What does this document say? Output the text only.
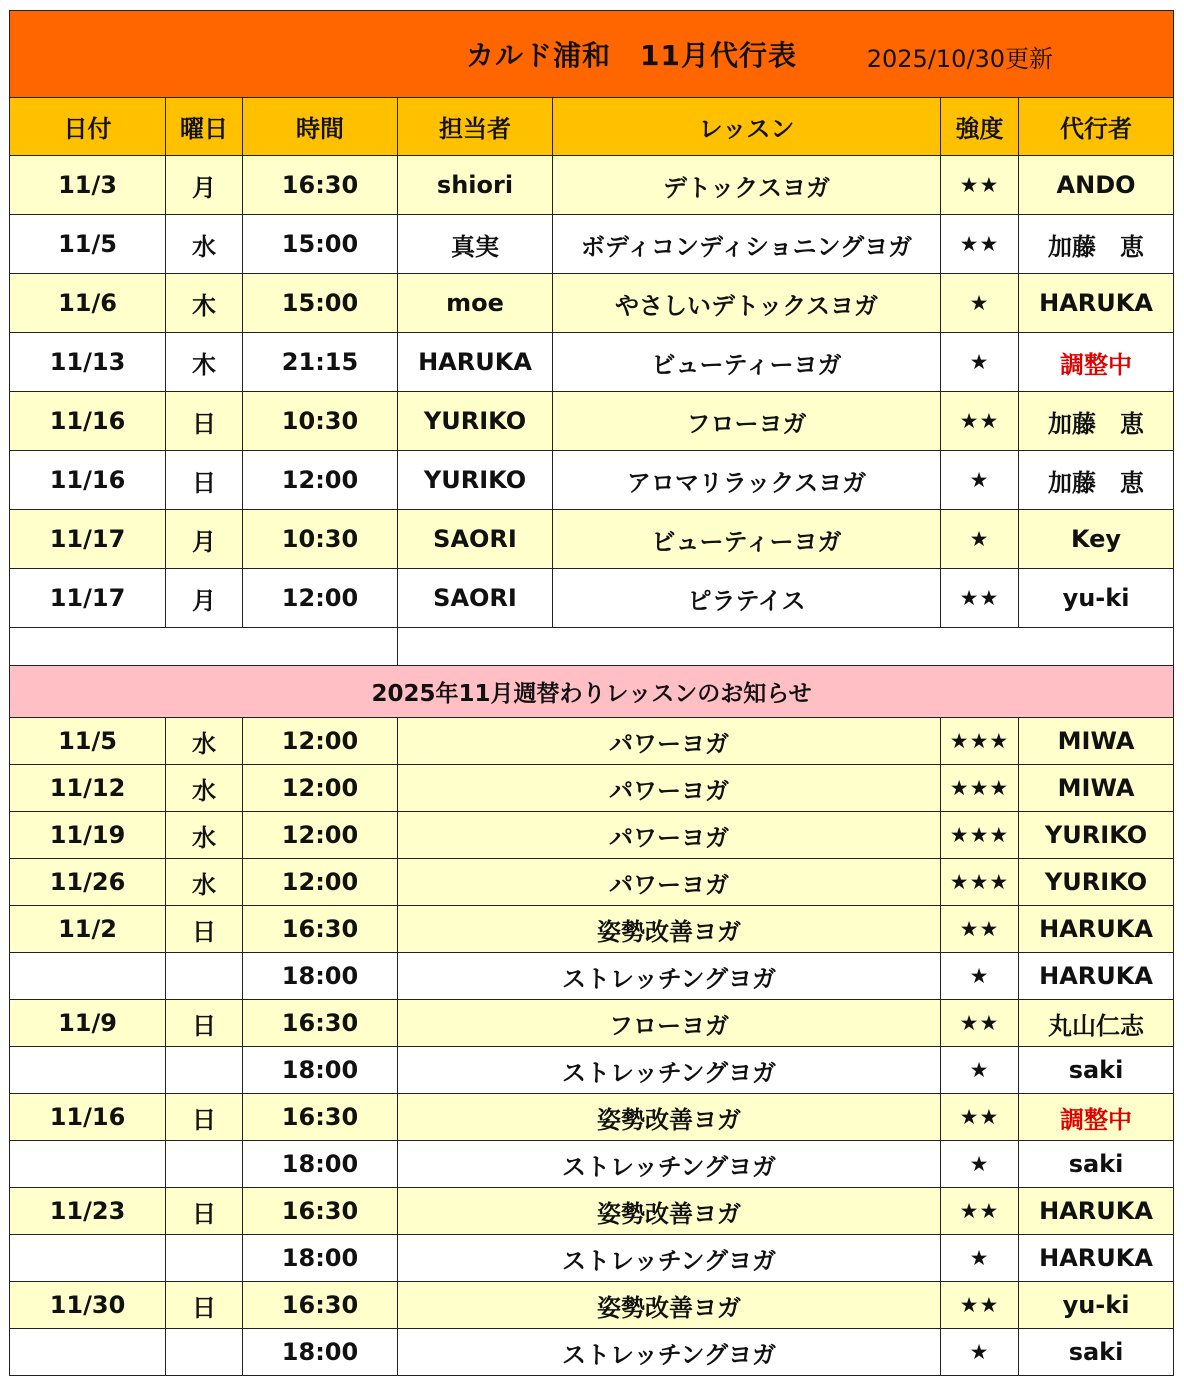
カルド浦和　11月代行表 2025/10/30更新						

日付	曜日	時間	担当者	レッスン	強度	代行者
11/3	月	16:30	shiori	デトックスヨガ	★★	ANDO
11/5	水	15:00	真実	ボディコンディショニングヨガ	★★	加藤　恵
11/6	木	15:00	moe	やさしいデトックスヨガ	★	HARUKA
11/13	木	21:15	HARUKA	ビューティーヨガ	★	調整中
11/16	日	10:30	YURIKO	フローヨガ	★★	加藤　恵
11/16	日	12:00	YURIKO	アロマリラックスヨガ	★	加藤　恵
11/17	月	10:30	SAORI	ビューティーヨガ	★	Key
11/17	月	12:00	SAORI	ピラテイス	★★	yu-ki

2025年11月週替わりレッスンのお知らせ						
11/5	水	12:00	パワーヨガ		★★★	MIWA
11/12	水	12:00	パワーヨガ		★★★	MIWA
11/19	水	12:00	パワーヨガ		★★★	YURIKO
11/26	水	12:00	パワーヨガ		★★★	YURIKO
11/2	日	16:30	姿勢改善ヨガ		★★	HARUKA
		18:00	ストレッチングヨガ		★	HARUKA
11/9	日	16:30	フローヨガ		★★	丸山仁志
		18:00	ストレッチングヨガ		★	saki
11/16	日	16:30	姿勢改善ヨガ		★★	調整中
		18:00	ストレッチングヨガ		★	saki
11/23	日	16:30	姿勢改善ヨガ		★★	HARUKA
		18:00	ストレッチングヨガ		★	HARUKA
11/30	日	16:30	姿勢改善ヨガ		★★	yu-ki
		18:00	ストレッチングヨガ		★	saki
